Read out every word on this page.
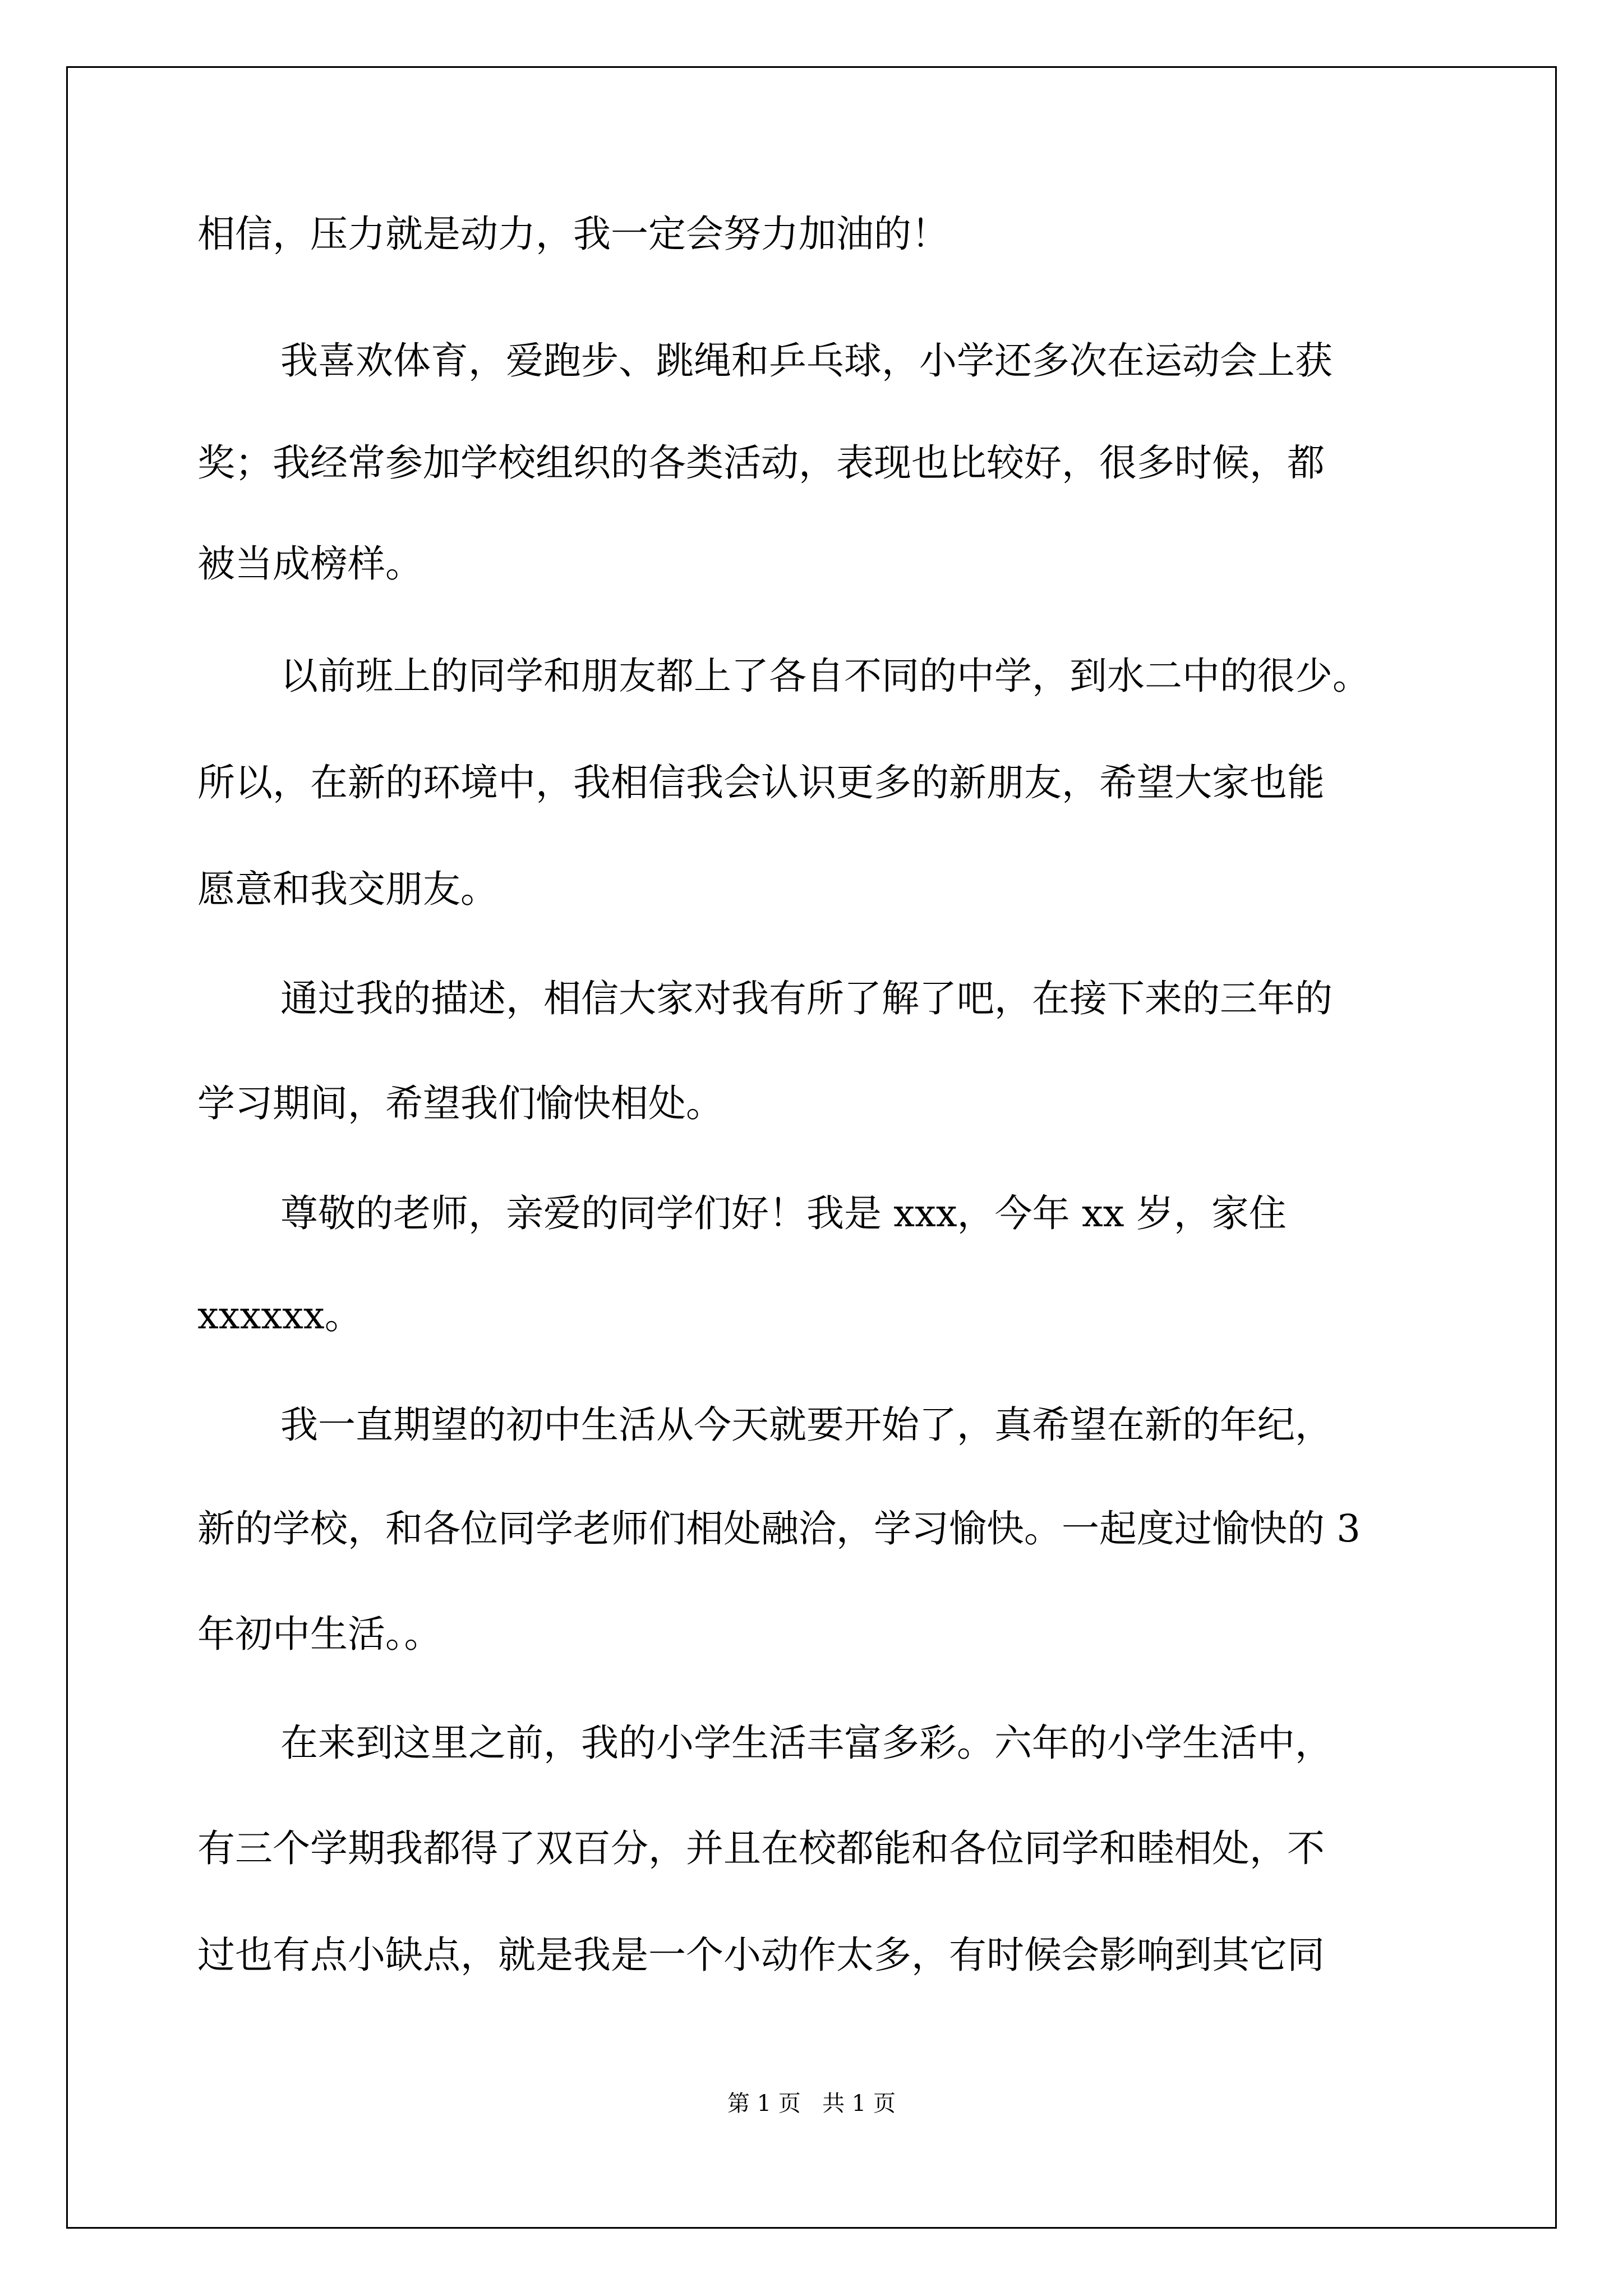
相信，压力就是动力，我一定会努力加油的！
我喜欢体育，爱跑步、跳绳和乒乓球，小学还多次在运动会上获
奖；我经常参加学校组织的各类活动，表现也比较好，很多时候，都
被当成榜样。
以前班上的同学和朋友都上了各自不同的中学，到水二中的很少。
所以，在新的环境中，我相信我会认识更多的新朋友，希望大家也能
愿意和我交朋友。
通过我的描述，相信大家对我有所了解了吧，在接下来的三年的
学习期间，希望我们愉快相处。
尊敬的老师，亲爱的同学们好！我是 xxx，今年 xx 岁，家住
xxxxxx。
我一直期望的初中生活从今天就要开始了，真希望在新的年纪，
新的学校，和各位同学老师们相处融洽，学习愉快。一起度过愉快的 3
年初中生活。。
在来到这里之前，我的小学生活丰富多彩。六年的小学生活中，
有三个学期我都得了双百分，并且在校都能和各位同学和睦相处，不
过也有点小缺点，就是我是一个小动作太多，有时候会影响到其它同
第 1 页   共 1 页
